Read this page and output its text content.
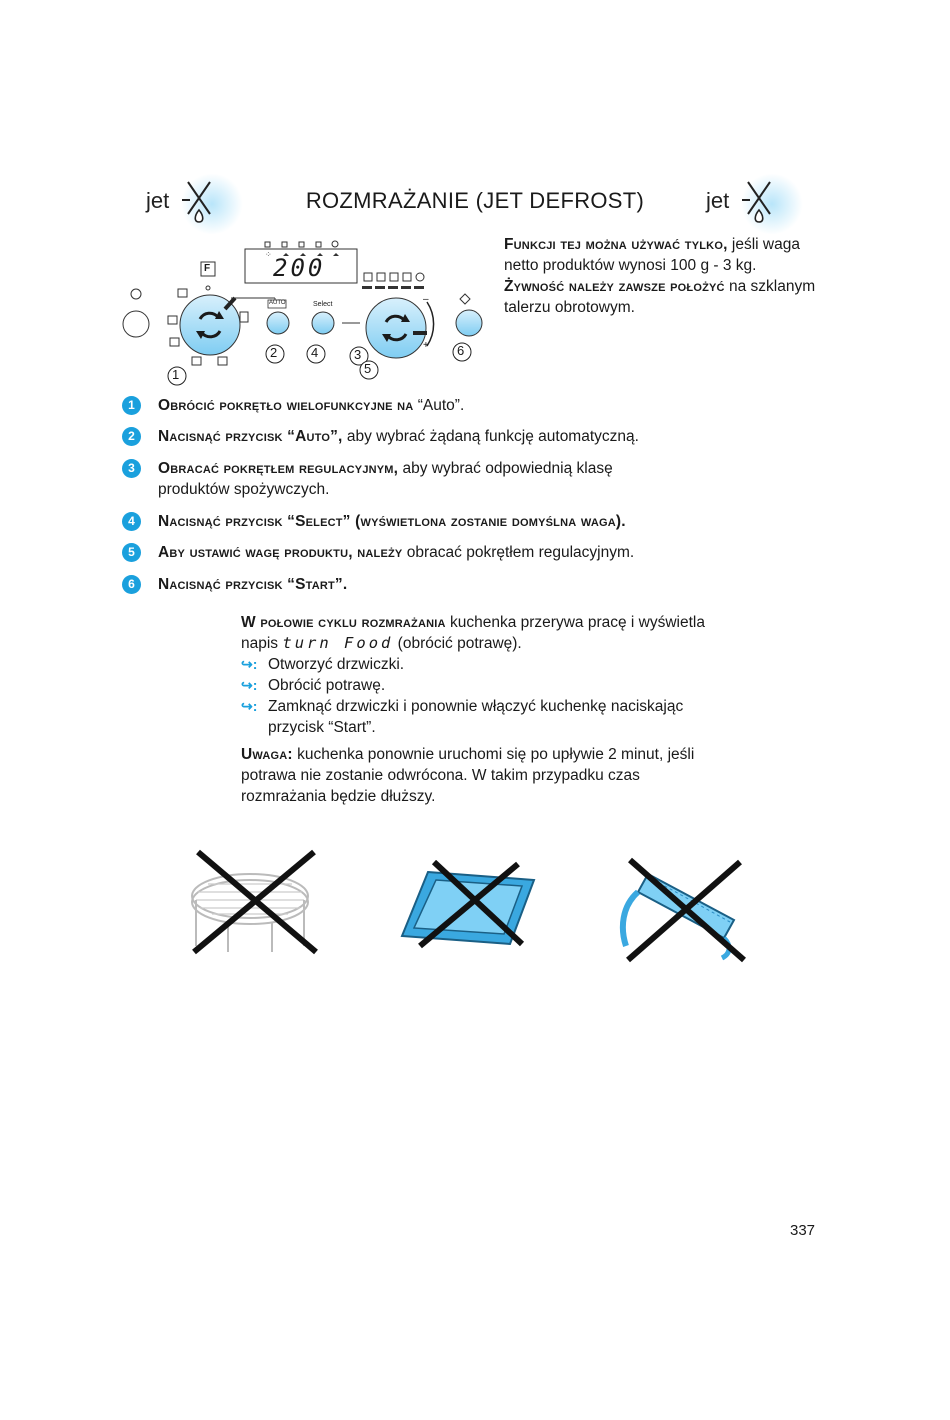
jet	ROZMRAŻANIE (JET DEFROST)	jet
⁘ 200
F
AUTO	Select
1
2	4	3
5
6
–
+
Funkcji tej można używać tylko, jeśli waga netto produktów wynosi 100 g - 3 kg.
Żywność należy zawsze położyć na szklanym talerzu obrotowym.
1	Obrócić pokrętło wielofunkcyjne na “Auto”.
2	Nacisnąć przycisk “Auto”, aby wybrać żądaną funkcję automatyczną.
3	Obracać pokrętłem regulacyjnym, aby wybrać odpowiednią klasę produktów spożywczych.
4	Nacisnąć przycisk “Select” (wyświetlona zostanie domyślna waga).
5	Aby ustawić wagę produktu, należy obracać pokrętłem regulacyjnym.
6	Nacisnąć przycisk “Start”.
W połowie cyklu rozmrażania kuchenka przerywa pracę i wyświetla napis turn Food (obrócić potrawę).
↪: Otworzyć drzwiczki.
↪: Obrócić potrawę.
↪: Zamknąć drzwiczki i ponownie włączyć kuchenkę naciskając przycisk “Start”.
Uwaga: kuchenka ponownie uruchomi się po upływie 2 minut, jeśli potrawa nie zostanie odwrócona. W takim przypadku czas rozmrażania będzie dłuższy.
337
